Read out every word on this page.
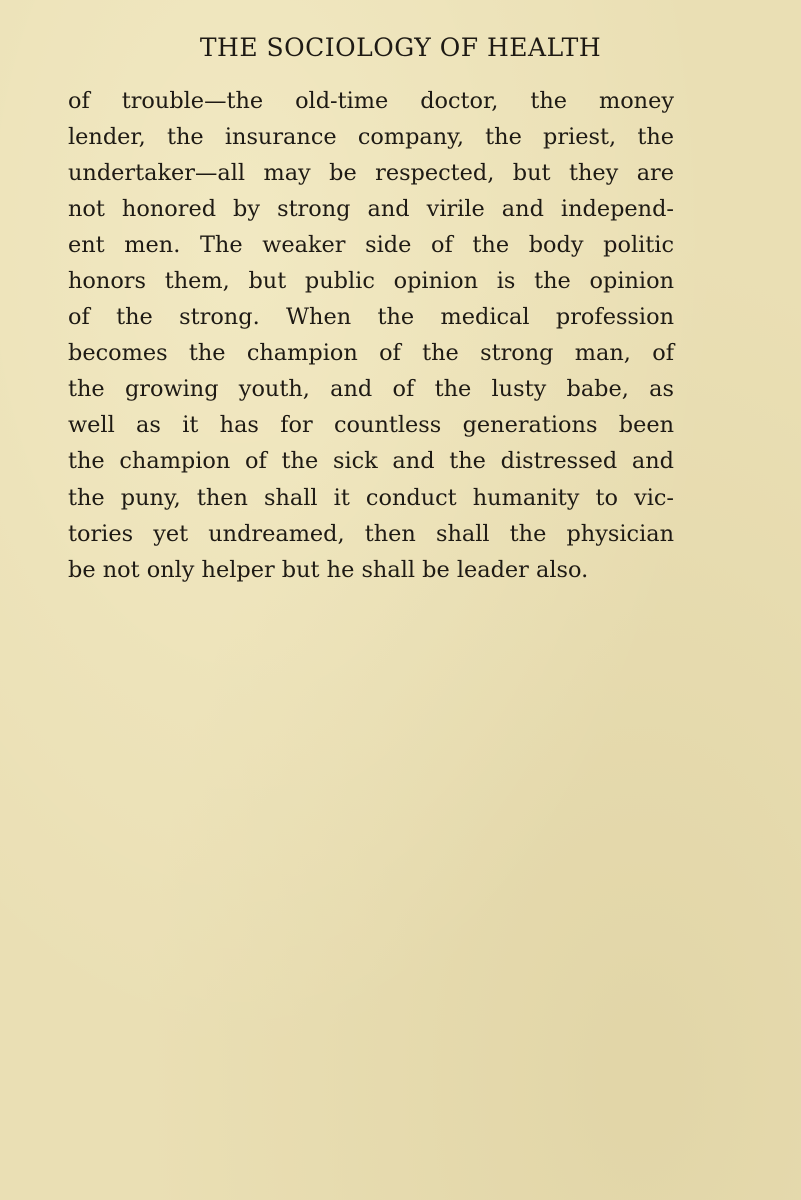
THE SOCIOLOGY OF HEALTH

of trouble—the old-time doctor, the money
lender, the insurance company, the priest, the
undertaker—all may be respected, but they are
not honored by strong and virile and independ-
ent men. The weaker side of the body politic
honors them, but public opinion is the opinion
of the strong. When the medical profession
becomes the champion of the strong man, of
the growing youth, and of the lusty babe, as
well as it has for countless generations been
the champion of the sick and the distressed and
the puny, then shall it conduct humanity to vic-
tories yet undreamed, then shall the physician
be not only helper but he shall be leader also.
